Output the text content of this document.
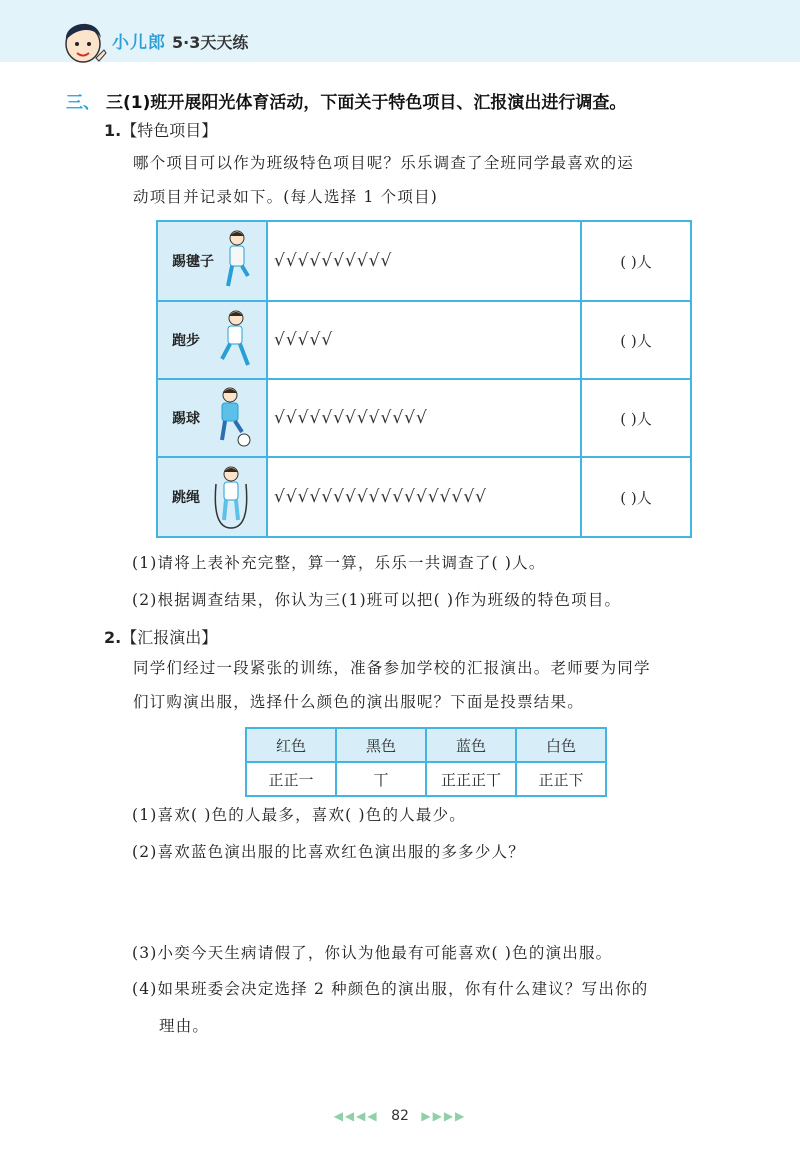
小儿郎 5·3天天练
三、 三(1)班开展阳光体育活动，下面关于特色项目、汇报演出进行调查。
1.【特色项目】
哪个项目可以作为班级特色项目呢？乐乐调查了全班同学最喜欢的运
动项目并记录如下。(每人选择 1 个项目)
踢毽子	√√√√√√√√√√	( )人

跑步	√√√√√	( )人

踢球	√√√√√√√√√√√√√	( )人

跳绳	√√√√√√√√√√√√√√√√√√	( )人
(1)请将上表补充完整，算一算，乐乐一共调查了( )人。
(2)根据调查结果，你认为三(1)班可以把( )作为班级的特色项目。
2.【汇报演出】
同学们经过一段紧张的训练，准备参加学校的汇报演出。老师要为同学
们订购演出服，选择什么颜色的演出服呢？下面是投票结果。
红色	黑色	蓝色	白色
正正一	丅	正正正丅	正正下
(1)喜欢( )色的人最多，喜欢( )色的人最少。
(2)喜欢蓝色演出服的比喜欢红色演出服的多多少人？
(3)小奕今天生病请假了，你认为他最有可能喜欢( )色的演出服。
(4)如果班委会决定选择 2 种颜色的演出服，你有什么建议？写出你的
理由。
◀◀◀◀ 82 ▶▶▶▶
